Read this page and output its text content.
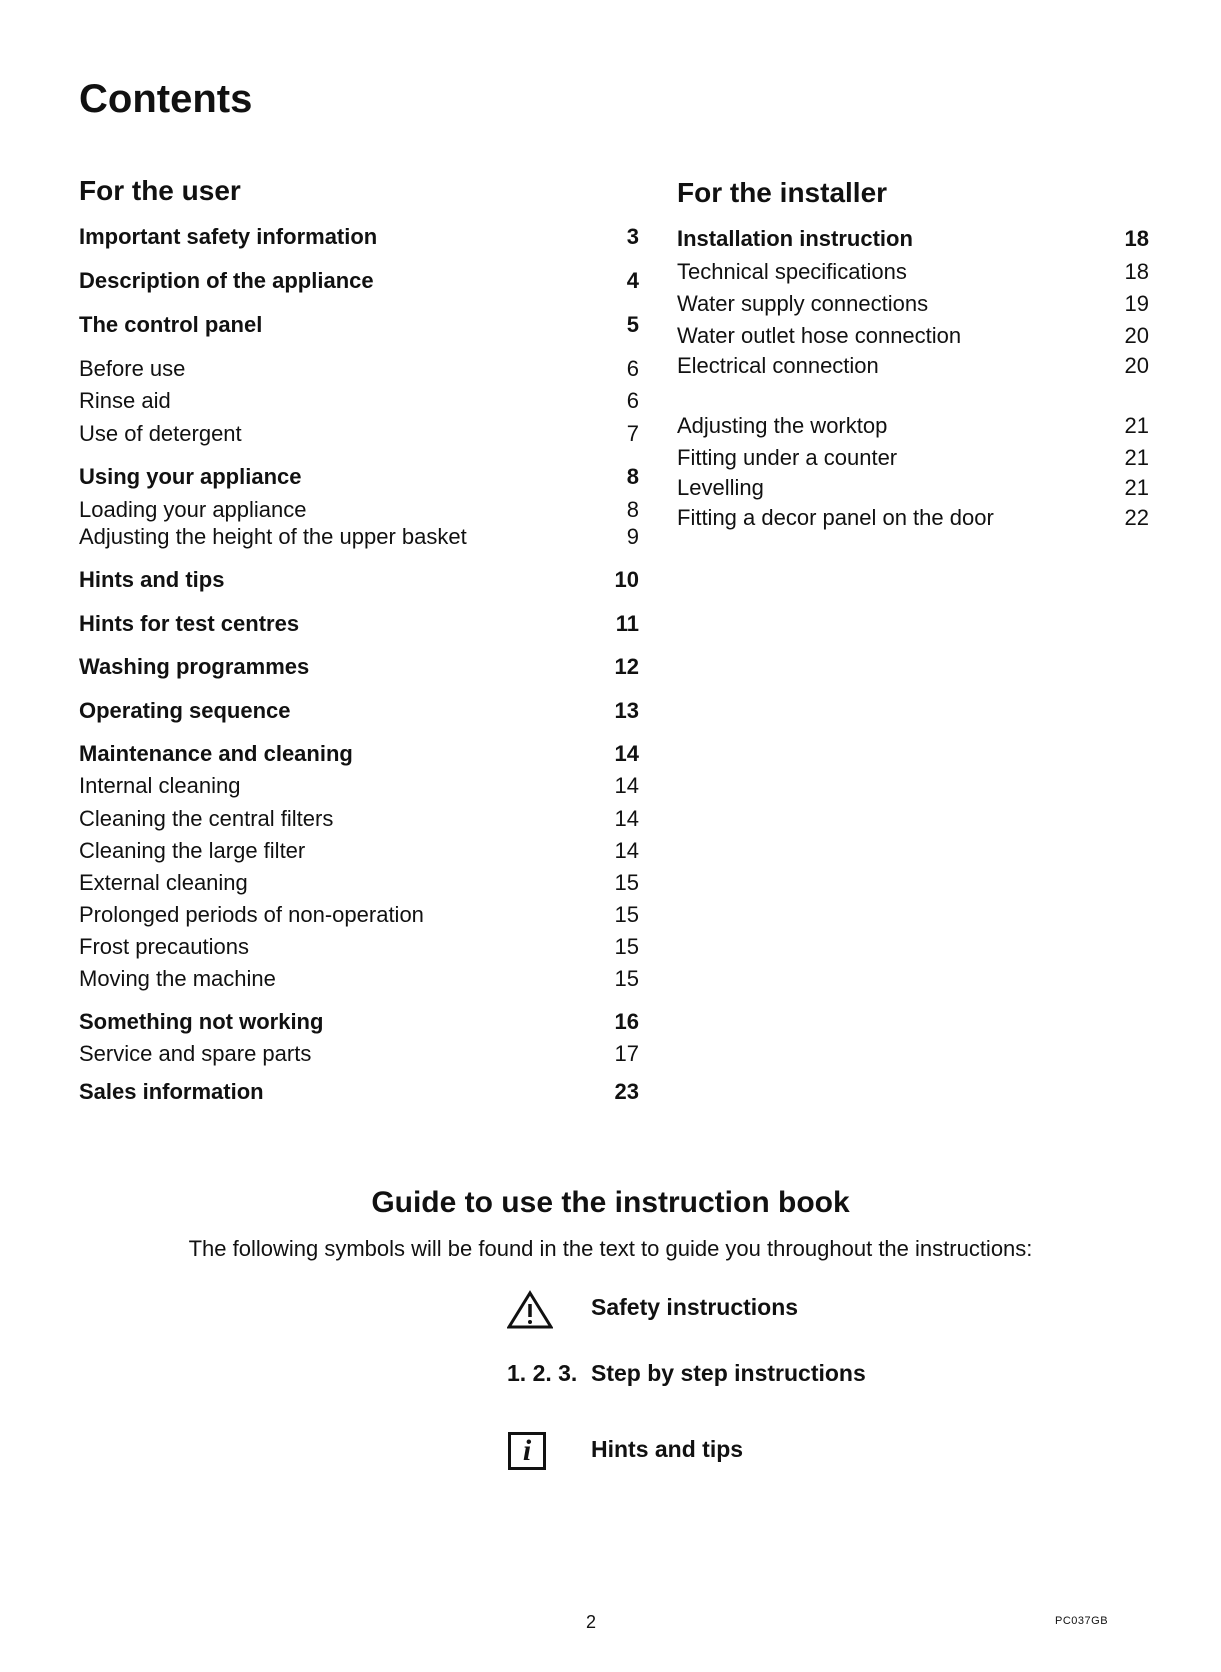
Contents
For the user
Important safety information	3
Description of the appliance	4
The control panel	5
Before use	6
Rinse aid	6
Use of detergent	7
Using your appliance	8
Loading your appliance	8
Adjusting the height of the upper basket	9
Hints and tips	10
Hints for test centres	11
Washing programmes	12
Operating sequence	13
Maintenance and cleaning	14
Internal cleaning	14
Cleaning the central filters	14
Cleaning the large filter	14
External cleaning	15
Prolonged periods of non-operation	15
Frost precautions	15
Moving the machine	15
Something not working	16
Service and spare parts	17
Sales information	23
For the installer
Installation instruction	18
Technical specifications	18
Water supply connections	19
Water outlet hose connection	20
Electrical connection	20
Adjusting the worktop	21
Fitting under a counter	21
Levelling	21
Fitting a decor panel on the door	22
Guide to use the instruction book
The following symbols will be found in the text to guide you throughout the instructions:
Safety instructions
1. 2. 3. Step by step instructions
i	Hints and tips
2	PC037GB
